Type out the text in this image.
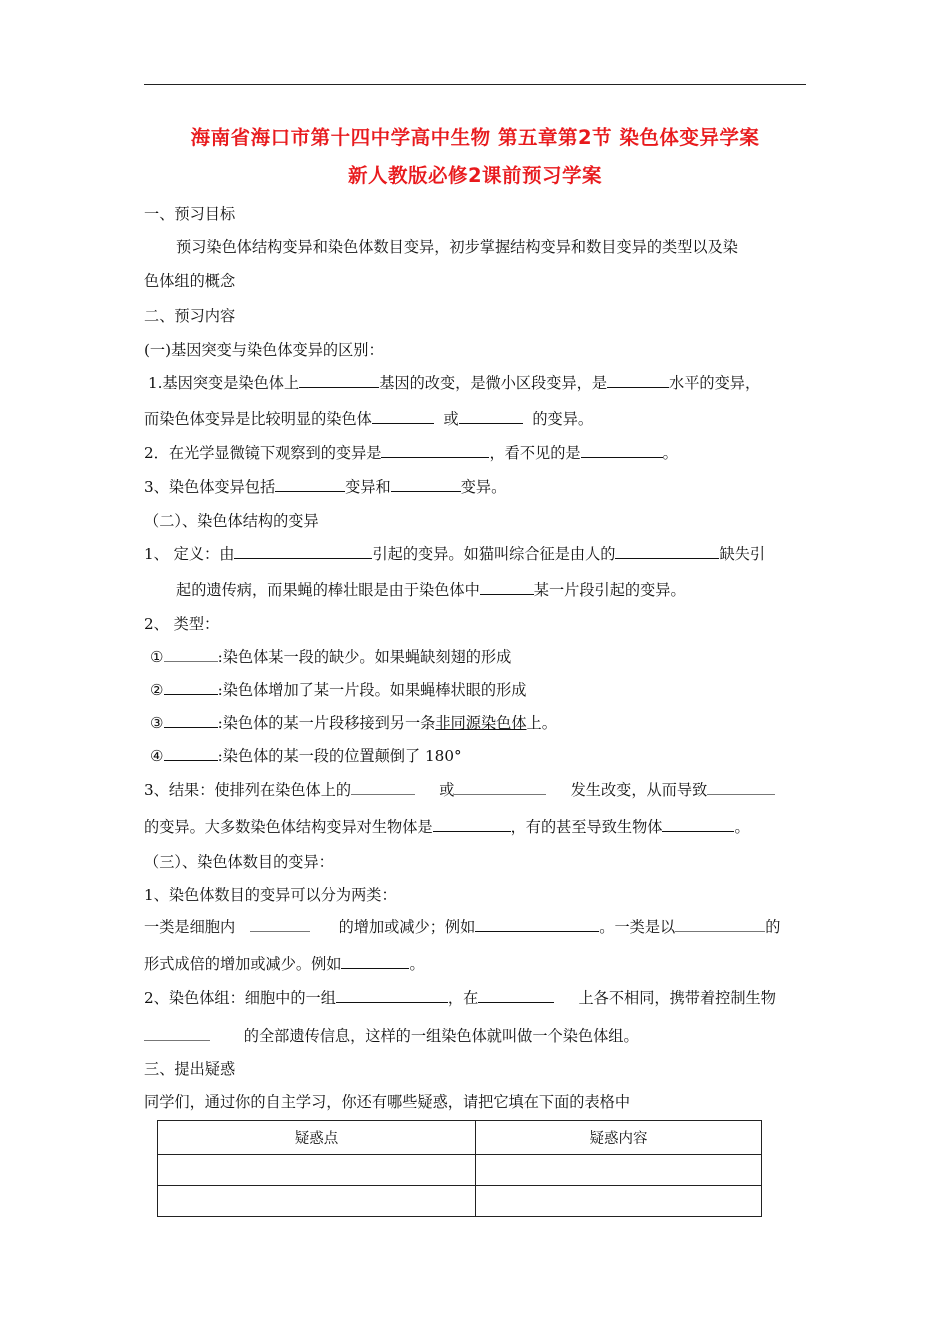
海南省海口市第十四中学高中生物 第五章第2节 染色体变异学案
新人教版必修2课前预习学案
一、预习目标
预习染色体结构变异和染色体数目变异，初步掌握结构变异和数目变异的类型以及染
色体组的概念
二、预习内容
(一)基因突变与染色体变异的区别：
1.基因突变是染色体上	基因的改变，是微小区段变异，是	水平的变异，
而染色体变异是比较明显的染色体	或	的变异。
2．在光学显微镜下观察到的变异是	，看不见的是	。
3、染色体变异包括	变异和	变异。
（二）、染色体结构的变异
1、 定义：由	引起的变异。如猫叫综合征是由人的	缺失引
起的遗传病，而果蝇的棒壮眼是由于染色体中	某一片段引起的变异。
2、 类型：
①	:染色体某一段的缺少。如果蝇缺刻翅的形成
②	:染色体增加了某一片段。如果蝇棒状眼的形成
③	:染色体的某一片段移接到另一条非同源染色体上。
④	:染色体的某一段的位置颠倒了 180°
3、结果：使排列在染色体上的	或	发生改变，从而导致
的变异。大多数染色体结构变异对生物体是	，有的甚至导致生物体	。
（三）、染色体数目的变异：
1、染色体数目的变异可以分为两类：
一类是细胞内	的增加或减少；例如	。一类是以	的
形式成倍的增加或减少。例如	。
2、染色体组：细胞中的一组	，在	上各不相同，携带着控制生物
的全部遗传信息，这样的一组染色体就叫做一个染色体组。
三、提出疑惑
同学们，通过你的自主学习，你还有哪些疑惑，请把它填在下面的表格中
疑惑点	疑惑内容
